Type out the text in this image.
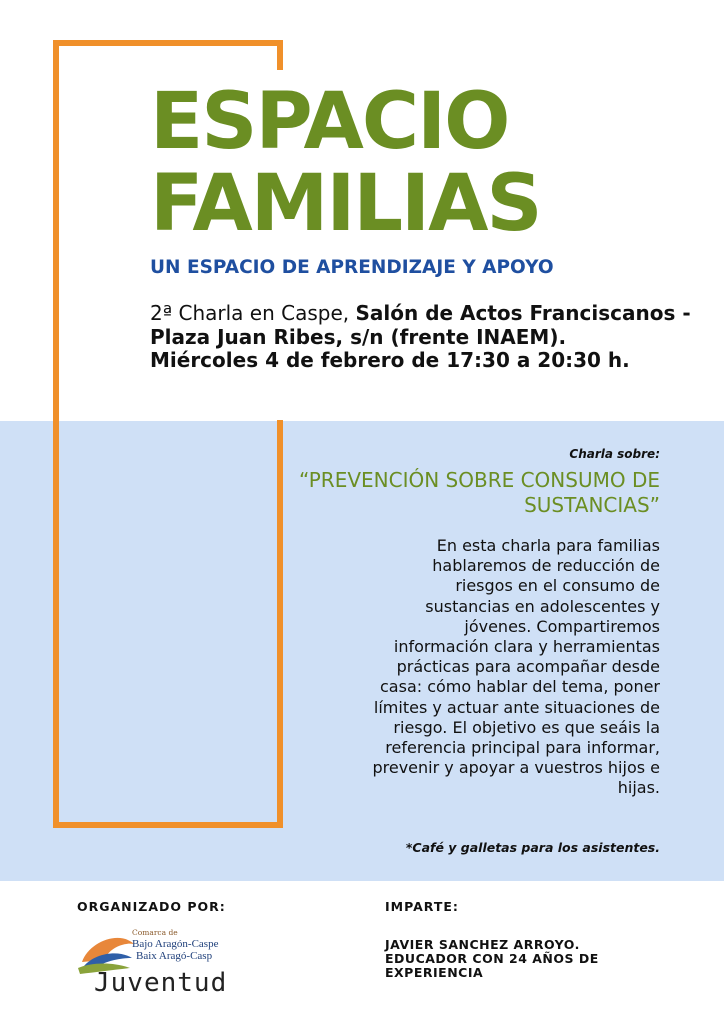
ESPACIO
FAMILIAS

UN ESPACIO DE APRENDIZAJE Y APOYO

2ª Charla en Caspe, Salón de Actos Franciscanos - Plaza Juan Ribes, s/n (frente INAEM).
Miércoles 4 de febrero de 17:30 a 20:30 h.

Charla sobre:

“PREVENCIÓN SOBRE CONSUMO DE SUSTANCIAS”

En esta charla para familias hablaremos de reducción de riesgos en el consumo de sustancias en adolescentes y jóvenes. Compartiremos información clara y herramientas prácticas para acompañar desde casa: cómo hablar del tema, poner límites y actuar ante situaciones de riesgo. El objetivo es que seáis la referencia principal para informar, prevenir y apoyar a vuestros hijos e hijas.

*Café y galletas para los asistentes.

ORGANIZADO POR:

Comarca de

Bajo Aragón-Caspe

Baix Aragó-Casp

Juventud

IMPARTE:

JAVIER SANCHEZ ARROYO. EDUCADOR CON 24 AÑOS DE EXPERIENCIA
